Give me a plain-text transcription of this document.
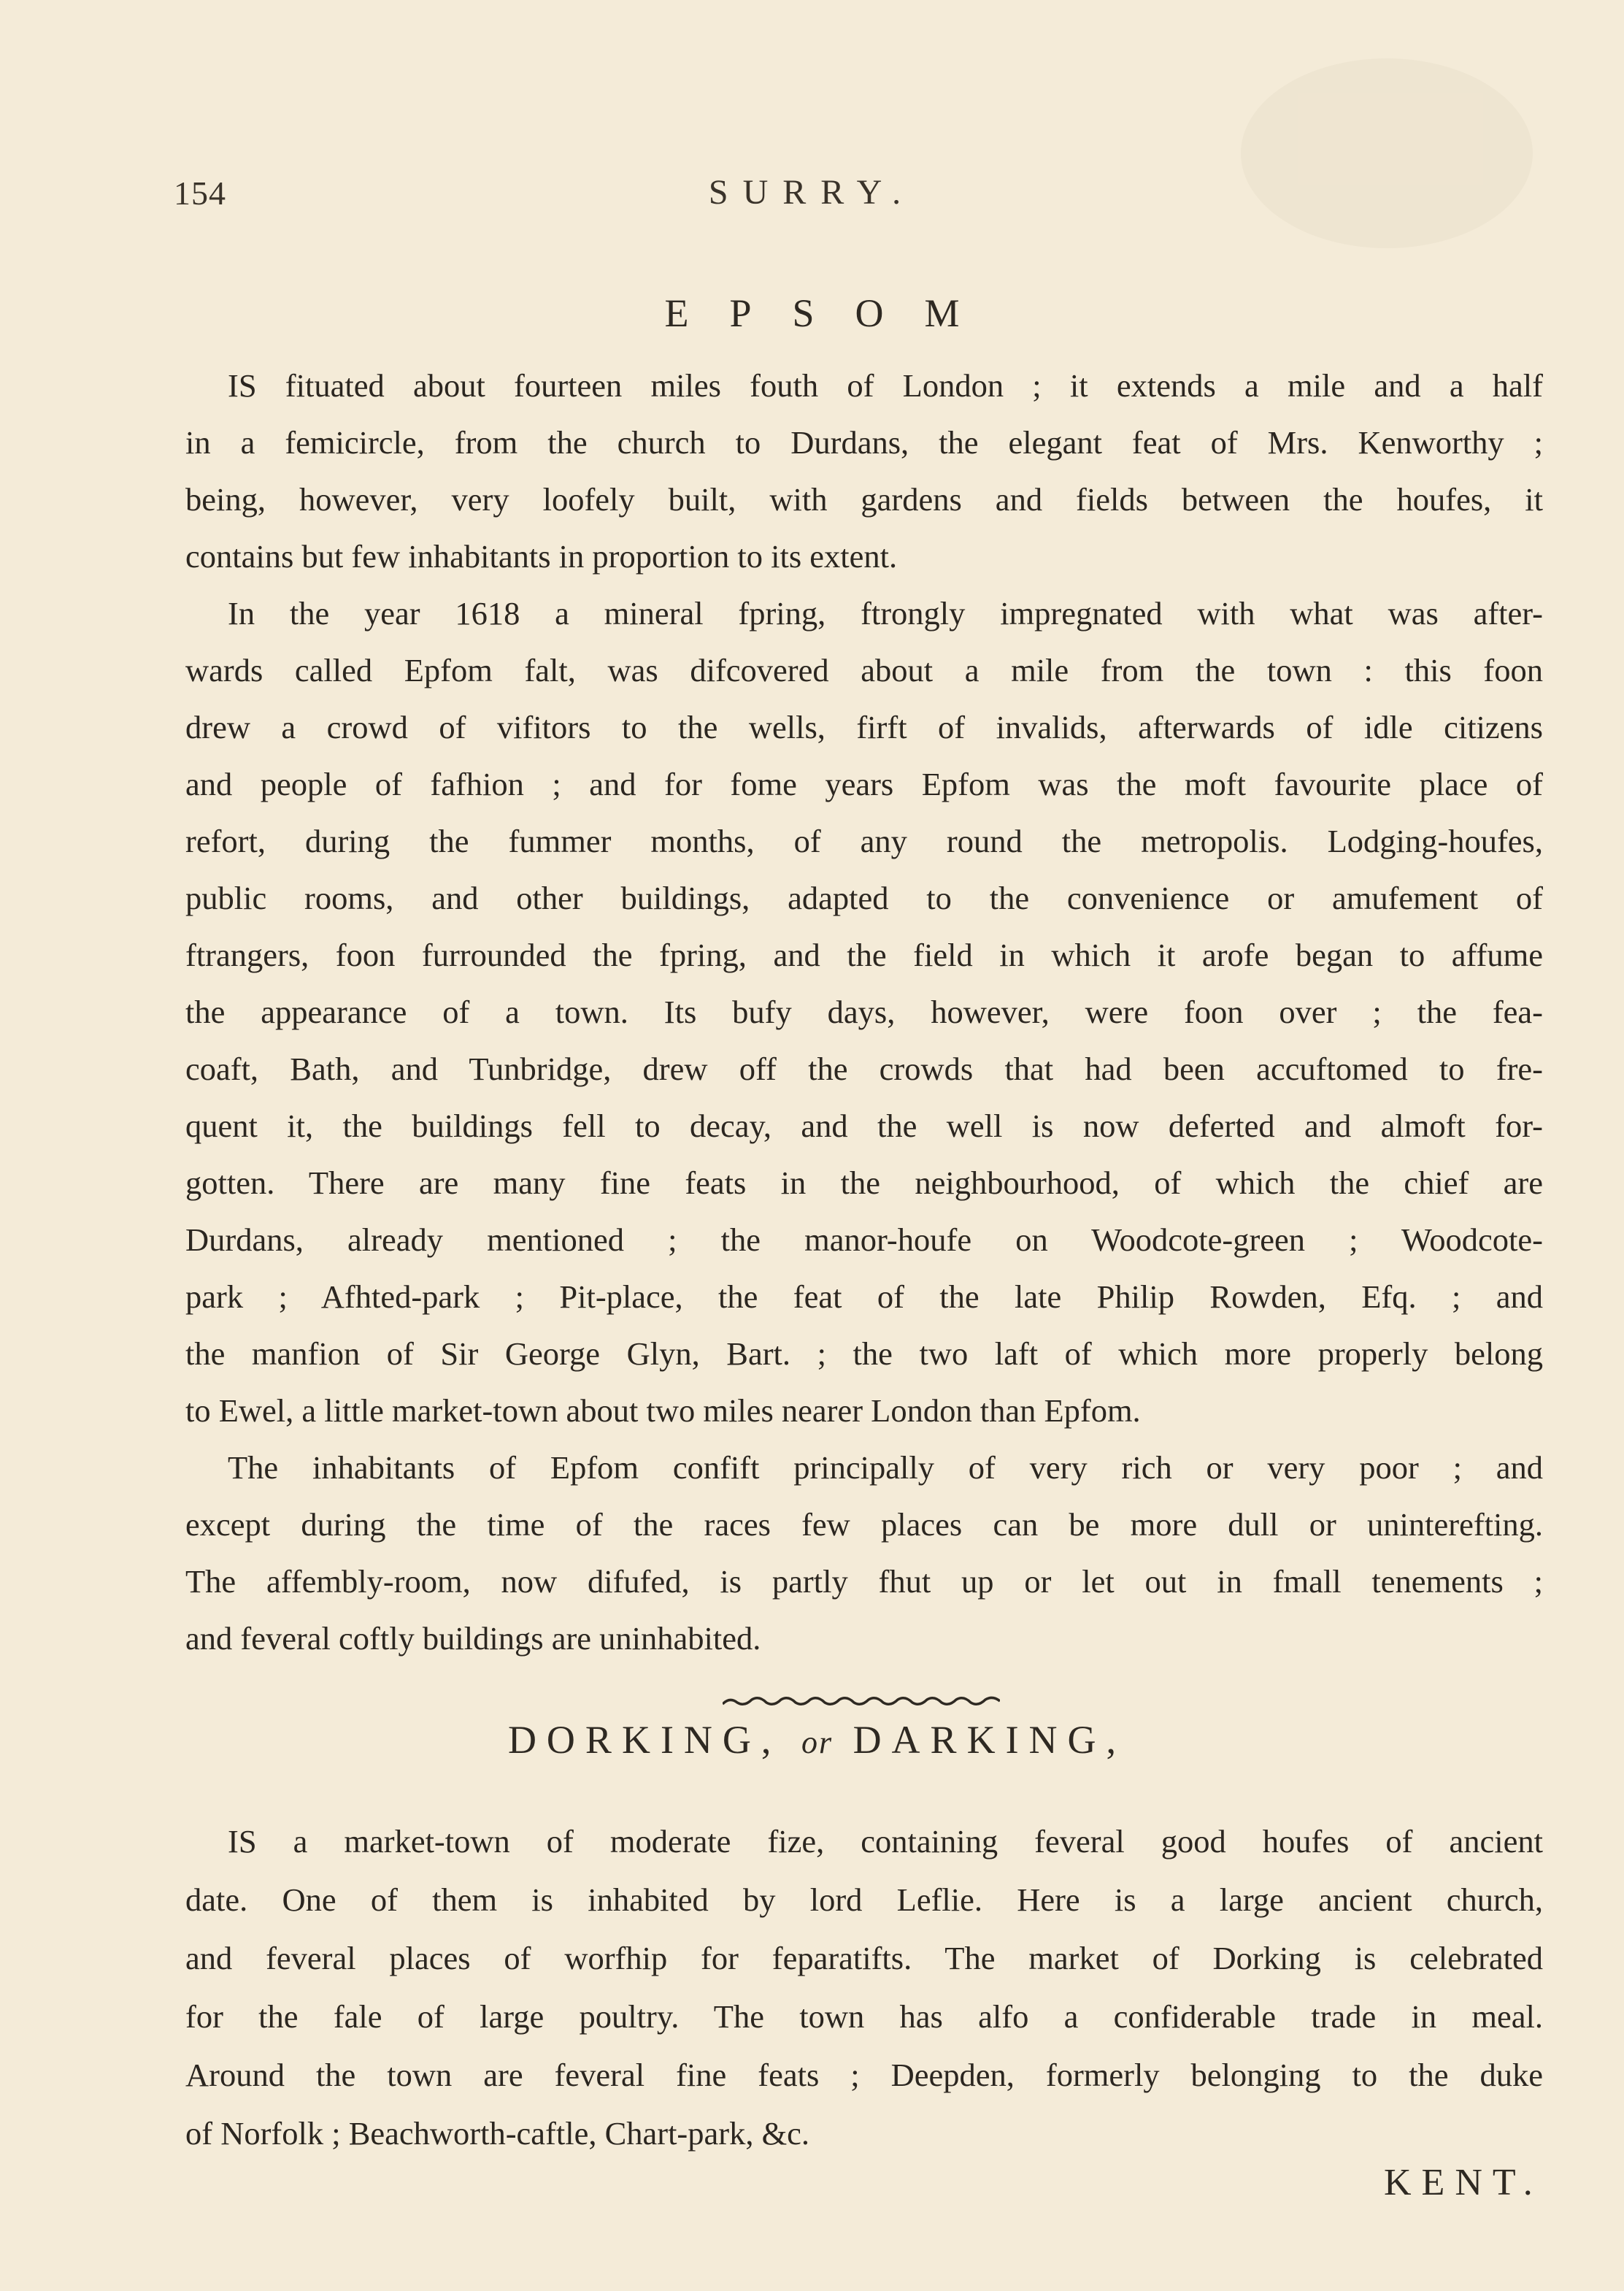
154	SURRY.
EPSOM
IS fituated about fourteen miles fouth of London ; it extends a mile and a half
in a femicircle, from the church to Durdans, the elegant feat of Mrs. Kenworthy ;
being, however, very loofely built, with gardens and fields between the houfes, it
contains but few inhabitants in proportion to its extent.
In the year 1618 a mineral fpring, ftrongly impregnated with what was after-
wards called Epfom falt, was difcovered about a mile from the town : this foon
drew a crowd of vifitors to the wells, firft of invalids, afterwards of idle citizens
and people of fafhion ; and for fome years Epfom was the moft favourite place of
refort, during the fummer months, of any round the metropolis. Lodging-houfes,
public rooms, and other buildings, adapted to the convenience or amufement of
ftrangers, foon furrounded the fpring, and the field in which it arofe began to affume
the appearance of a town. Its bufy days, however, were foon over ; the fea-
coaft, Bath, and Tunbridge, drew off the crowds that had been accuftomed to fre-
quent it, the buildings fell to decay, and the well is now deferted and almoft for-
gotten. There are many fine feats in the neighbourhood, of which the chief are
Durdans, already mentioned ; the manor-houfe on Woodcote-green ; Woodcote-
park ; Afhted-park ; Pit-place, the feat of the late Philip Rowden, Efq. ; and
the manfion of Sir George Glyn, Bart. ; the two laft of which more properly belong
to Ewel, a little market-town about two miles nearer London than Epfom.
The inhabitants of Epfom confift principally of very rich or very poor ; and
except during the time of the races few places can be more dull or uninterefting.
The affembly-room, now difufed, is partly fhut up or let out in fmall tenements ;
and feveral coftly buildings are uninhabited.
DORKING, or DARKING,
IS a market-town of moderate fize, containing feveral good houfes of ancient
date. One of them is inhabited by lord Leflie. Here is a large ancient church,
and feveral places of worfhip for feparatifts. The market of Dorking is celebrated
for the fale of large poultry. The town has alfo a confiderable trade in meal.
Around the town are feveral fine feats ; Deepden, formerly belonging to the duke
of Norfolk ; Beachworth-caftle, Chart-park, &c.
KENT.
